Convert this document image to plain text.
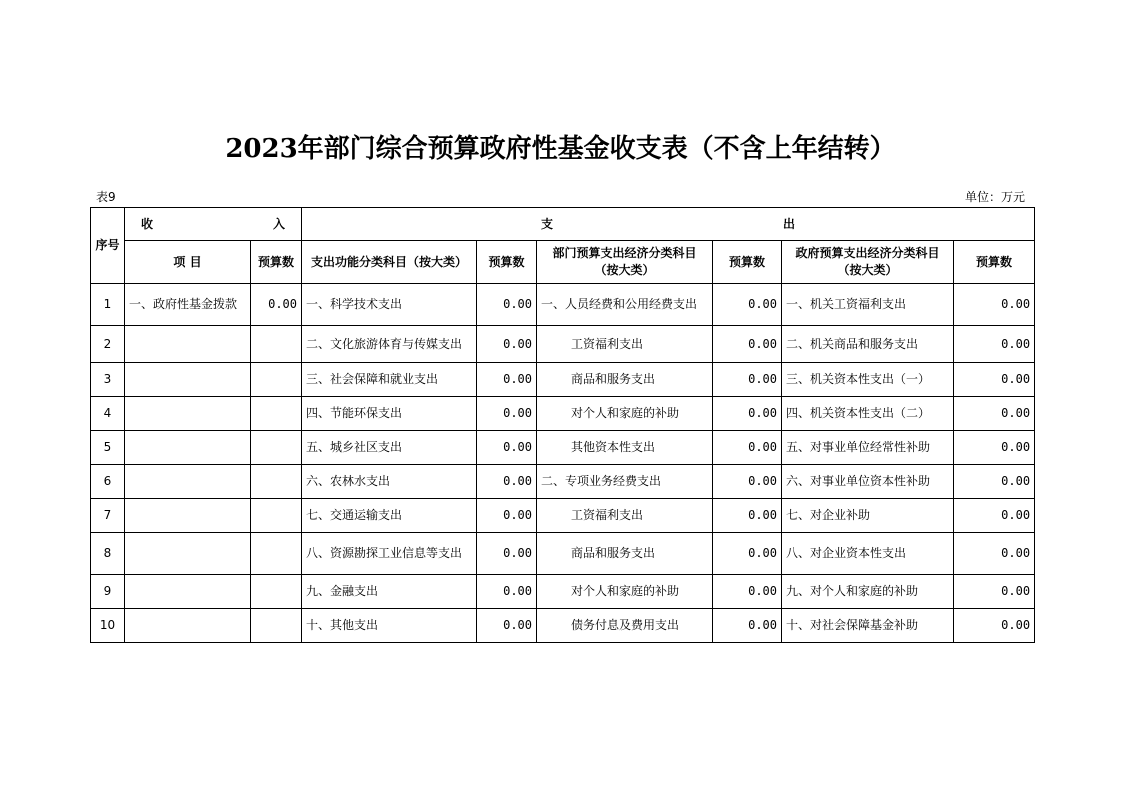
2023年部门综合预算政府性基金收支表（不含上年结转）
表9	单位：万元
序号	收 入		支 出					

	项 目	预算数	支出功能分类科目（按大类）	预算数	部门预算支出经济分类科目（按大类）	预算数	政府预算支出经济分类科目（按大类）	预算数
1	一、政府性基金拨款	0.00	一、科学技术支出	0.00	一、人员经费和公用经费支出	0.00	一、机关工资福利支出	0.00
2			二、文化旅游体育与传媒支出	0.00	工资福利支出	0.00	二、机关商品和服务支出	0.00
3			三、社会保障和就业支出	0.00	商品和服务支出	0.00	三、机关资本性支出（一）	0.00
4			四、节能环保支出	0.00	对个人和家庭的补助	0.00	四、机关资本性支出（二）	0.00
5			五、城乡社区支出	0.00	其他资本性支出	0.00	五、对事业单位经常性补助	0.00
6			六、农林水支出	0.00	二、专项业务经费支出	0.00	六、对事业单位资本性补助	0.00
7			七、交通运输支出	0.00	工资福利支出	0.00	七、对企业补助	0.00
8			八、资源勘探工业信息等支出	0.00	商品和服务支出	0.00	八、对企业资本性支出	0.00
9			九、金融支出	0.00	对个人和家庭的补助	0.00	九、对个人和家庭的补助	0.00
10			十、其他支出	0.00	债务付息及费用支出	0.00	十、对社会保障基金补助	0.00
